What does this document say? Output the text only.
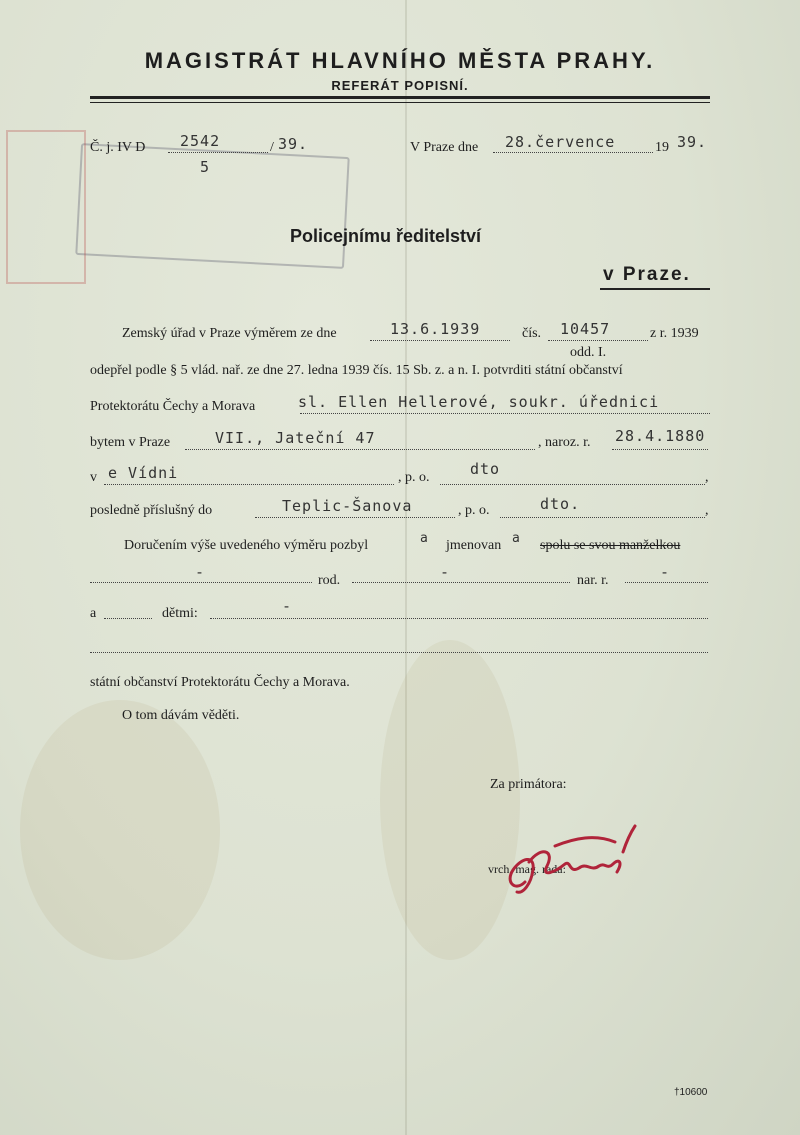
MAGISTRÁT HLAVNÍHO MĚSTA PRAHY.
REFERÁT POPISNÍ.
Č. j. IV D 2542	/ 39.
5
V Praze dne 28.července	19 39.
Policejnímu ředitelství
v Praze.
Zemský úřad v Praze výměrem ze dne	13.6.1939	čís. 10457	z r. 1939
odd. I.
odepřel podle § 5 vlád. nař. ze dne 27. ledna 1939 čís. 15 Sb. z. a n. I. potvrditi státní občanství
Protektorátu Čechy a Morava	sl. Ellen Hellerové, soukr. úřednici
bytem v Praze	VII., Jateční 47	, naroz. r. 28.4.1880
v e Vídni	, p. o.	dto	,
posledně příslušný do	Teplic-Šanova	, p. o.	dto.	,
Doručením výše uvedeného výměru pozbyl	a jmenovan a spolu se svou manželkou
-	rod.	-	nar. r.	-
a	dětmi:	-
státní občanství Protektorátu Čechy a Morava.
O tom dávám věděti.
Za primátora:
vrch. mag. rada:
†10600
